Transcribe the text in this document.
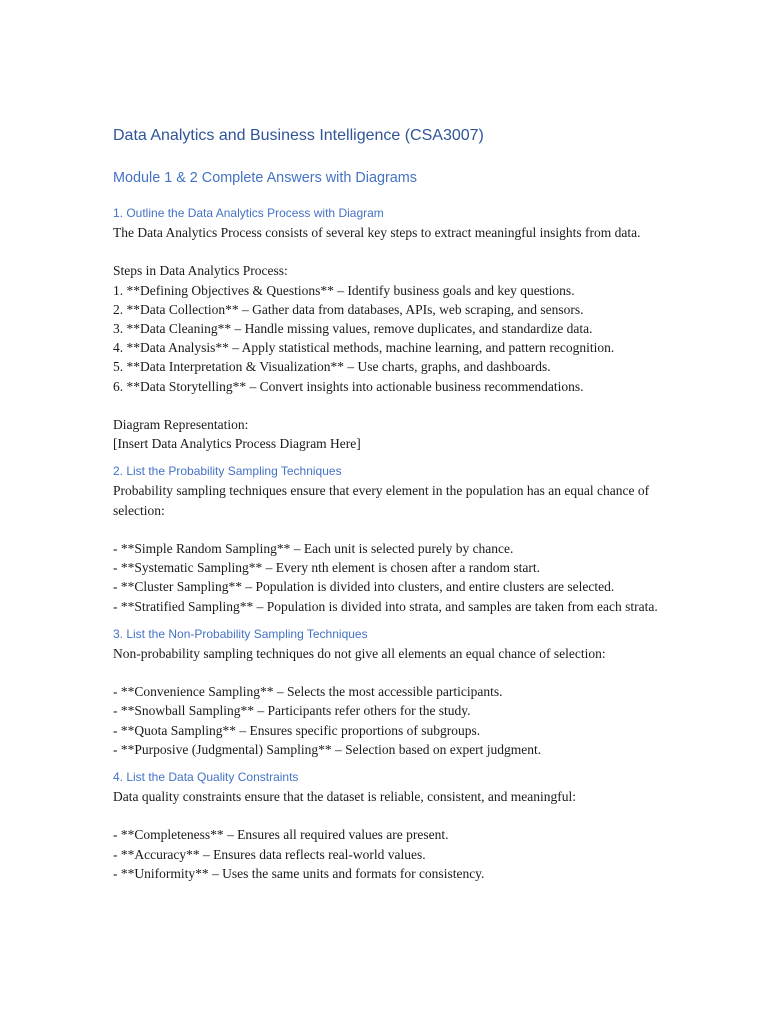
Data Analytics and Business Intelligence (CSA3007)
Module 1 & 2 Complete Answers with Diagrams
1. Outline the Data Analytics Process with Diagram

The Data Analytics Process consists of several key steps to extract meaningful insights from data.

Steps in Data Analytics Process:

1. **Defining Objectives & Questions** – Identify business goals and key questions.

2. **Data Collection** – Gather data from databases, APIs, web scraping, and sensors.

3. **Data Cleaning** – Handle missing values, remove duplicates, and standardize data.

4. **Data Analysis** – Apply statistical methods, machine learning, and pattern recognition.

5. **Data Interpretation & Visualization** – Use charts, graphs, and dashboards.

6. **Data Storytelling** – Convert insights into actionable business recommendations.

Diagram Representation:

[Insert Data Analytics Process Diagram Here]

2. List the Probability Sampling Techniques

Probability sampling techniques ensure that every element in the population has an equal chance of selection:

- **Simple Random Sampling** – Each unit is selected purely by chance.

- **Systematic Sampling** – Every nth element is chosen after a random start.

- **Cluster Sampling** – Population is divided into clusters, and entire clusters are selected.

- **Stratified Sampling** – Population is divided into strata, and samples are taken from each strata.

3. List the Non-Probability Sampling Techniques

Non-probability sampling techniques do not give all elements an equal chance of selection:

- **Convenience Sampling** – Selects the most accessible participants.

- **Snowball Sampling** – Participants refer others for the study.

- **Quota Sampling** – Ensures specific proportions of subgroups.

- **Purposive (Judgmental) Sampling** – Selection based on expert judgment.

4. List the Data Quality Constraints

Data quality constraints ensure that the dataset is reliable, consistent, and meaningful:

- **Completeness** – Ensures all required values are present.

- **Accuracy** – Ensures data reflects real-world values.

- **Uniformity** – Uses the same units and formats for consistency.
